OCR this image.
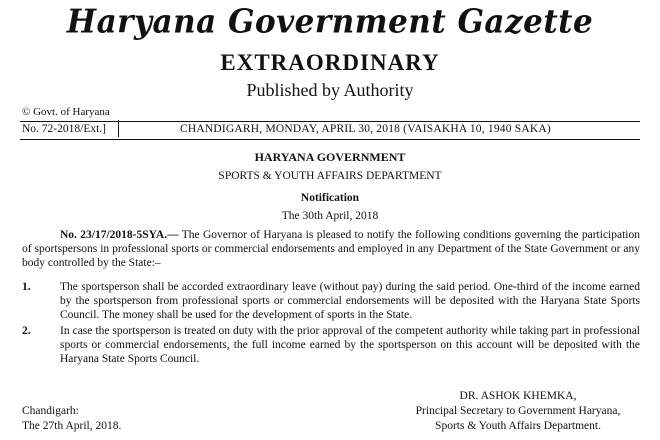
Haryana Government Gazette
EXTRAORDINARY
Published by Authority
© Govt. of Haryana
No. 72-2018/Ext.]	CHANDIGARH, MONDAY, APRIL 30, 2018 (VAISAKHA 10, 1940 SAKA)
HARYANA GOVERNMENT
SPORTS & YOUTH AFFAIRS DEPARTMENT
Notification
The 30th April, 2018
No. 23/17/2018-5SYA.— The Governor of Haryana is pleased to notify the following conditions governing the participation of sportspersons in professional sports or commercial endorsements and employed in any Department of the State Government or any body controlled by the State:–
1.	The sportsperson shall be accorded extraordinary leave (without pay) during the said period. One-third of the income earned by the sportsperson from professional sports or commercial endorsements will be deposited with the Haryana State Sports Council. The money shall be used for the development of sports in the State.
2.	In case the sportsperson is treated on duty with the prior approval of the competent authority while taking part in professional sports or commercial endorsements, the full income earned by the sportsperson on this account will be deposited with the Haryana State Sports Council.
Chandigarh:
The 27th April, 2018.
DR. ASHOK KHEMKA,
Principal Secretary to Government Haryana,
Sports & Youth Affairs Department.
